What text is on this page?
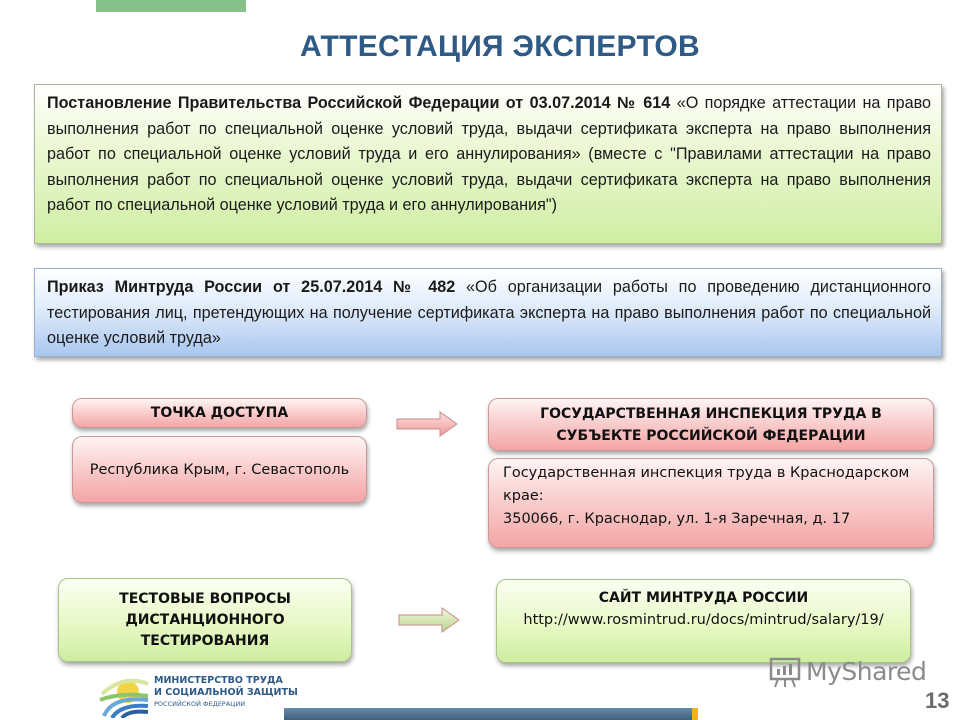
АТТЕСТАЦИЯ ЭКСПЕРТОВ
Постановление Правительства Российской Федерации от 03.07.2014 № 614 «О порядке аттестации на право выполнения работ по специальной оценке условий труда, выдачи сертификата эксперта на право выполнения работ по специальной оценке условий труда и его аннулирования» (вместе с "Правилами аттестации на право выполнения работ по специальной оценке условий труда, выдачи сертификата эксперта на право выполнения работ по специальной оценке условий труда и его аннулирования")
Приказ Минтруда России от 25.07.2014 № 482 «Об организации работы по проведению дистанционного тестирования лиц, претендующих на получение сертификата эксперта на право выполнения работ по специальной оценке условий труда»
ТОЧКА ДОСТУПА
Республика Крым, г. Севастополь
ГОСУДАРСТВЕННАЯ ИНСПЕКЦИЯ ТРУДА В СУБЪЕКТЕ РОССИЙСКОЙ ФЕДЕРАЦИИ
Государственная инспекция труда в Краснодарском крае:
350066, г. Краснодар, ул. 1-я Заречная, д. 17
ТЕСТОВЫЕ ВОПРОСЫ ДИСТАНЦИОННОГО ТЕСТИРОВАНИЯ
САЙТ МИНТРУДА РОССИИ
http://www.rosmintrud.ru/docs/mintrud/salary/19/
МИНИСТЕРСТВО ТРУДА
И СОЦИАЛЬНОЙ ЗАЩИТЫ
РОССИЙСКОЙ ФЕДЕРАЦИИ
MyShared
13
